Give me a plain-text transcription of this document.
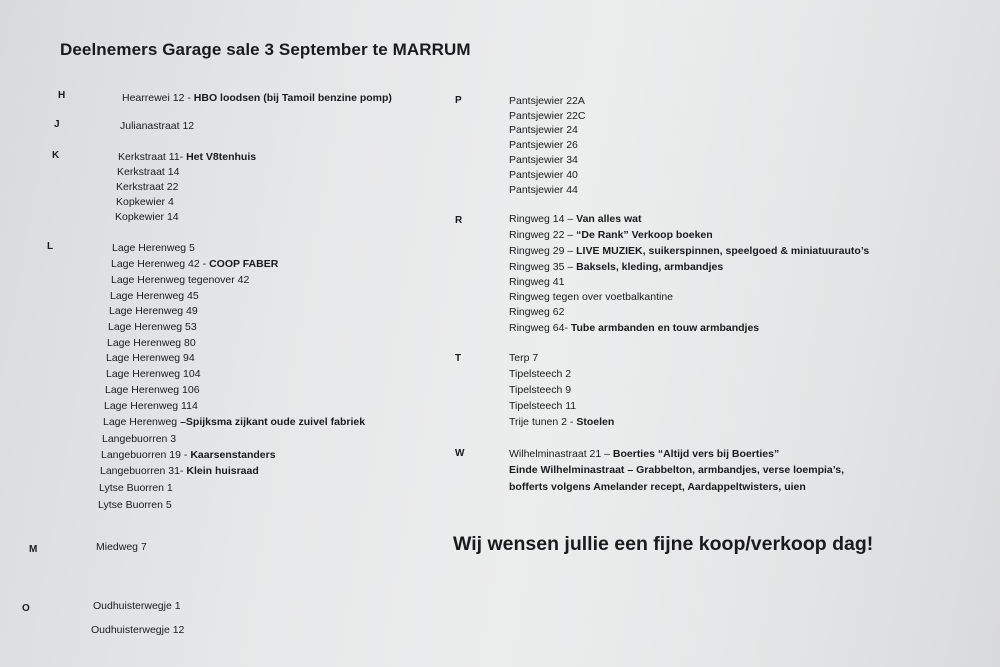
Deelnemers Garage sale 3 September te MARRUM
H	Hearrewei 12 - HBO loodsen (bij Tamoil benzine pomp)
J	Julianastraat 12
K	Kerkstraat 11- Het V8tenhuis
Kerkstraat 14
Kerkstraat 22
Kopkewier 4
Kopkewier 14
L	Lage Herenweg 5
Lage Herenweg 42 - COOP FABER
Lage Herenweg tegenover 42
Lage Herenweg 45
Lage Herenweg 49
Lage Herenweg 53
Lage Herenweg 80
Lage Herenweg 94
Lage Herenweg 104
Lage Herenweg 106
Lage Herenweg 114
Lage Herenweg –Spijksma zijkant oude zuivel fabriek
Langebuorren 3
Langebuorren 19 - Kaarsenstanders
Langebuorren 31- Klein huisraad
Lytse Buorren 1
Lytse Buorren 5
M	Miedweg 7
O	Oudhuisterwegje 1
Oudhuisterwegje 12
P	Pantsjewier 22A
Pantsjewier 22C
Pantsjewier 24
Pantsjewier 26
Pantsjewier 34
Pantsjewier 40
Pantsjewier 44
R	Ringweg 14 – Van alles wat
Ringweg 22 – “De Rank” Verkoop boeken
Ringweg 29 – LIVE MUZIEK, suikerspinnen, speelgoed & miniatuurauto’s
Ringweg 35 – Baksels, kleding, armbandjes
Ringweg 41
Ringweg tegen over voetbalkantine
Ringweg 62
Ringweg 64- Tube armbanden en touw armbandjes
T	Terp 7
Tipelsteech 2
Tipelsteech 9
Tipelsteech 11
Trije tunen 2 - Stoelen
W	Wilhelminastraat 21 – Boerties “Altijd vers bij Boerties”
Einde Wilhelminastraat – Grabbelton, armbandjes, verse loempia’s,
bofferts volgens Amelander recept, Aardappeltwisters, uien
Wij wensen jullie een fijne koop/verkoop dag!
